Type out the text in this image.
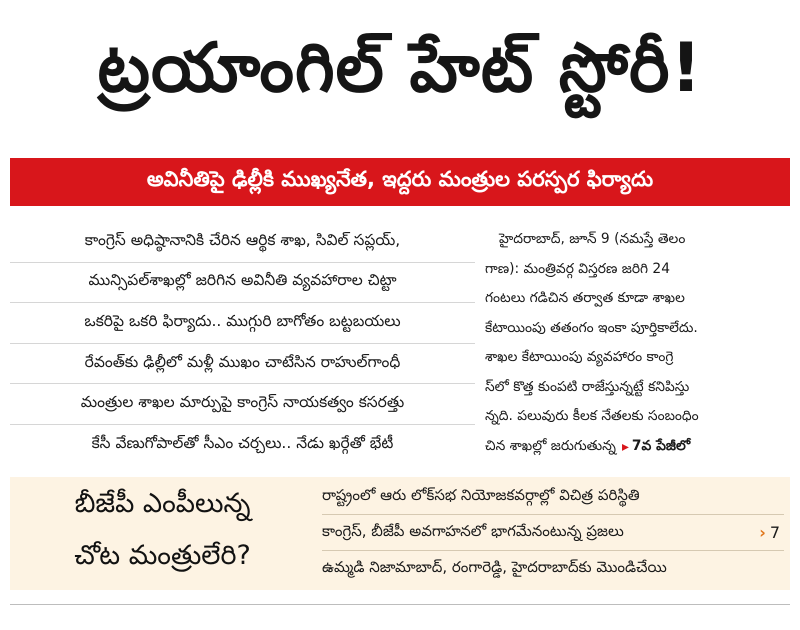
ట్రయాంగిల్ హేట్ స్టోరీ!
అవినీతిపై ఢిల్లీకి ముఖ్యనేత, ఇద్దరు మంత్రుల పరస్పర ఫిర్యాదు
కాంగ్రెస్ అధిష్ఠానానికి చేరిన ఆర్థిక శాఖ, సివిల్ సప్లయ్,
మున్సిపల్‌శాఖల్లో జరిగిన అవినీతి వ్యవహారాల చిట్టా
ఒకరిపై ఒకరి ఫిర్యాదు.. ముగ్గురి బాగోతం బట్టబయలు
రేవంత్‌కు ఢిల్లీలో మళ్లీ ముఖం చాటేసిన రాహుల్‌గాంధీ
మంత్రుల శాఖల మార్పుపై కాంగ్రెస్ నాయకత్వం కసరత్తు
కేసీ వేణుగోపాల్‌తో సీఎం చర్చలు.. నేడు ఖర్గేతో భేటీ
హైదరాబాద్, జూన్ 9 (నమస్తే తెలం
గాణ): మంత్రివర్గ విస్తరణ జరిగి 24
గంటలు గడిచిన తర్వాత కూడా శాఖల
కేటాయింపు తతంగం ఇంకా పూర్తికాలేదు.
శాఖల కేటాయింపు వ్యవహారం కాంగ్రె
స్‌లో కొత్త కుంపటి రాజేస్తున్నట్టే కనిపిస్తు
న్నది. పలువురు కీలక నేతలకు సంబంధిం
చిన శాఖల్లో జరుగుతున్న ▸ 7వ పేజీలో
బీజేపీ ఎంపీలున్న
చోట మంత్రులేరి?
రాష్ట్రంలో ఆరు లోక్‌సభ నియోజకవర్గాల్లో విచిత్ర పరిస్థితి
కాంగ్రెస్, బీజేపీ అవగాహనలో భాగమేనంటున్న ప్రజలు	› 7
ఉమ్మడి నిజామాబాద్, రంగారెడ్డి, హైదరాబాద్‌కు మొండిచేయి
